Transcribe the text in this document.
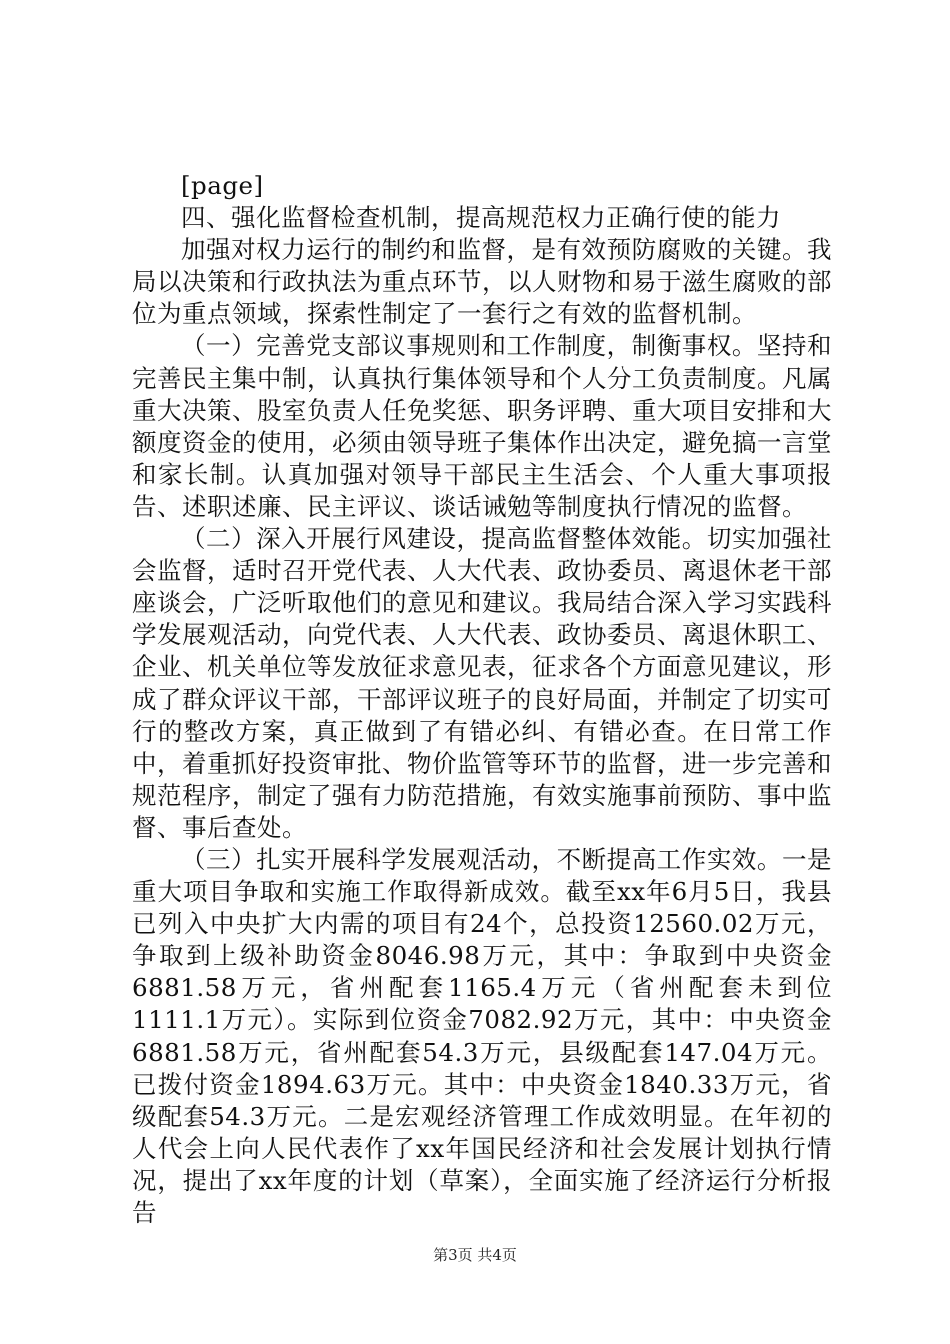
[page]

四、强化监督检查机制，提高规范权力正确行使的能力

加强对权力运行的制约和监督，是有效预防腐败的关键。我局以决策和行政执法为重点环节，以人财物和易于滋生腐败的部位为重点领域，探索性制定了一套行之有效的监督机制。

（一）完善党支部议事规则和工作制度，制衡事权。坚持和完善民主集中制，认真执行集体领导和个人分工负责制度。凡属重大决策、股室负责人任免奖惩、职务评聘、重大项目安排和大额度资金的使用，必须由领导班子集体作出决定，避免搞一言堂和家长制。认真加强对领导干部民主生活会、个人重大事项报告、述职述廉、民主评议、谈话诫勉等制度执行情况的监督。

（二）深入开展行风建设，提高监督整体效能。切实加强社会监督，适时召开党代表、人大代表、政协委员、离退休老干部座谈会，广泛听取他们的意见和建议。我局结合深入学习实践科学发展观活动，向党代表、人大代表、政协委员、离退休职工、企业、机关单位等发放征求意见表，征求各个方面意见建议，形成了群众评议干部，干部评议班子的良好局面，并制定了切实可行的整改方案，真正做到了有错必纠、有错必查。在日常工作中，着重抓好投资审批、物价监管等环节的监督，进一步完善和规范程序，制定了强有力防范措施，有效实施事前预防、事中监督、事后查处。

（三）扎实开展科学发展观活动，不断提高工作实效。一是重大项目争取和实施工作取得新成效。截至xx年6月5日，我县已列入中央扩大内需的项目有24个，总投资12560.02万元，争取到上级补助资金8046.98万元，其中：争取到中央资金6881.58万元，省州配套1165.4万元（省州配套未到位1111.1万元）。实际到位资金7082.92万元，其中：中央资金6881.58万元，省州配套54.3万元，县级配套147.04万元。已拨付资金1894.63万元。其中：中央资金1840.33万元，省级配套54.3万元。二是宏观经济管理工作成效明显。在年初的人代会上向人民代表作了xx年国民经济和社会发展计划执行情况，提出了xx年度的计划（草案），全面实施了经济运行分析报告

第3页 共4页
